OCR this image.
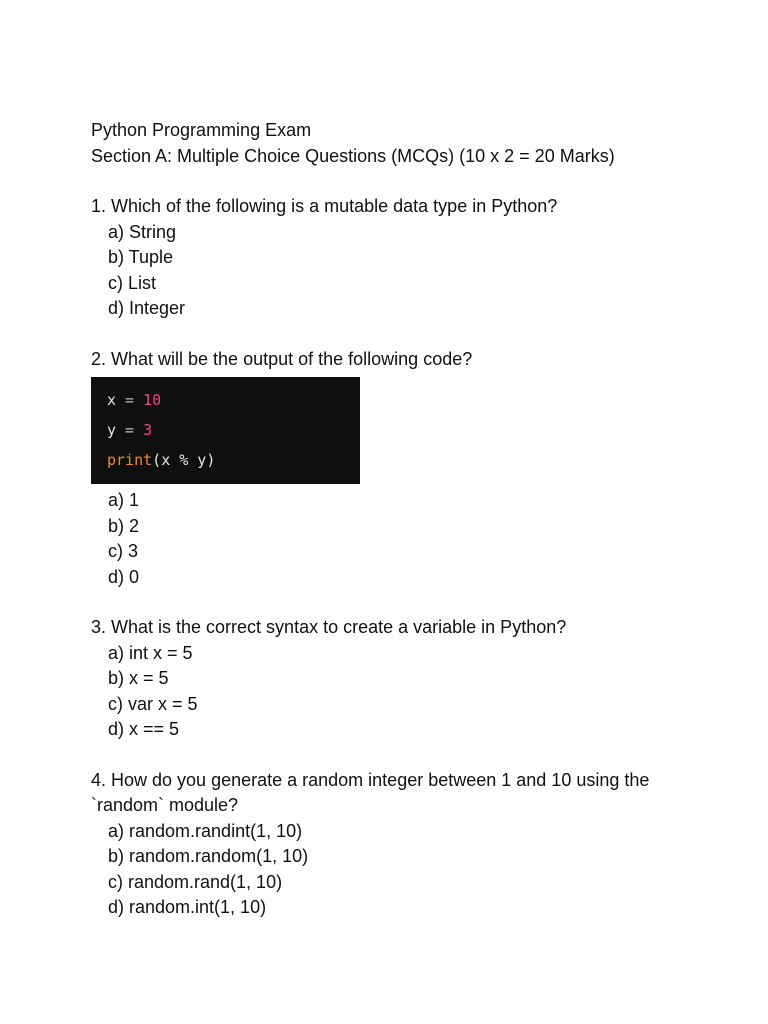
Python Programming Exam
Section A: Multiple Choice Questions (MCQs) (10 x 2 = 20 Marks)
1. Which of the following is a mutable data type in Python?
a) String
b) Tuple
c) List
d) Integer
2. What will be the output of the following code?
x = 10
y = 3
print(x % y)
a) 1
b) 2
c) 3
d) 0
3. What is the correct syntax to create a variable in Python?
a) int x = 5
b) x = 5
c) var x = 5
d) x == 5
4. How do you generate a random integer between 1 and 10 using the
`random` module?
a) random.randint(1, 10)
b) random.random(1, 10)
c) random.rand(1, 10)
d) random.int(1, 10)
